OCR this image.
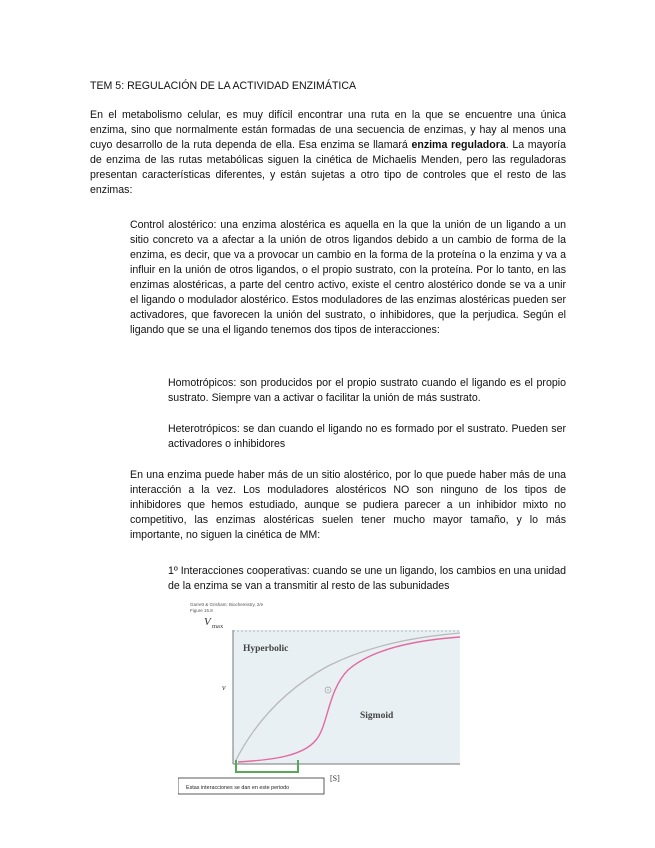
TEM 5: REGULACIÓN DE LA ACTIVIDAD ENZIMÁTICA

En el metabolismo celular, es muy difícil encontrar una ruta en la que se encuentre una única enzima, sino que normalmente están formadas de una secuencia de enzimas, y hay al menos una cuyo desarrollo de la ruta dependa de ella. Esa enzima se llamará enzima reguladora. La mayoría de enzima de las rutas metabólicas siguen la cinética de Michaelis Menden, pero las reguladoras presentan características diferentes, y están sujetas a otro tipo de controles que el resto de las enzimas:

Control alostérico: una enzima alostérica es aquella en la que la unión de un ligando a un sitio concreto va a afectar a la unión de otros ligandos debido a un cambio de forma de la enzima, es decir, que va a provocar un cambio en la forma de la proteína o la enzima y va a influir en la unión de otros ligandos, o el propio sustrato, con la proteína. Por lo tanto, en las enzimas alostéricas, a parte del centro activo, existe el centro alostérico donde se va a unir el ligando o modulador alostérico. Estos moduladores de las enzimas alostéricas pueden ser activadores, que favorecen la unión del sustrato, o inhibidores, que la perjudica. Según el ligando que se una el ligando tenemos dos tipos de interacciones:

Homotrópicos: son producidos por el propio sustrato cuando el ligando es el propio sustrato. Siempre van a activar o facilitar la unión de más sustrato.

Heterotrópicos: se dan cuando el ligando no es formado por el sustrato. Pueden ser activadores o inhibidores

En una enzima puede haber más de un sitio alostérico, por lo que puede haber más de una interacción a la vez. Los moduladores alostéricos NO son ninguno de los tipos de inhibidores que hemos estudiado, aunque se pudiera parecer a un inhibidor mixto no competitivo, las enzimas alostéricas suelen tener mucho mayor tamaño, y lo más importante, no siguen la cinética de MM:

1º Interacciones cooperativas: cuando se une un ligando, los cambios en una unidad de la enzima se van a transmitir al resto de las subunidades

Garrett & Grisham: Biochemistry, 2/e
Figure 15.8
V max
v
[S]
Hyperbolic
Sigmoid
Estas interacciones se dan en este periodo
